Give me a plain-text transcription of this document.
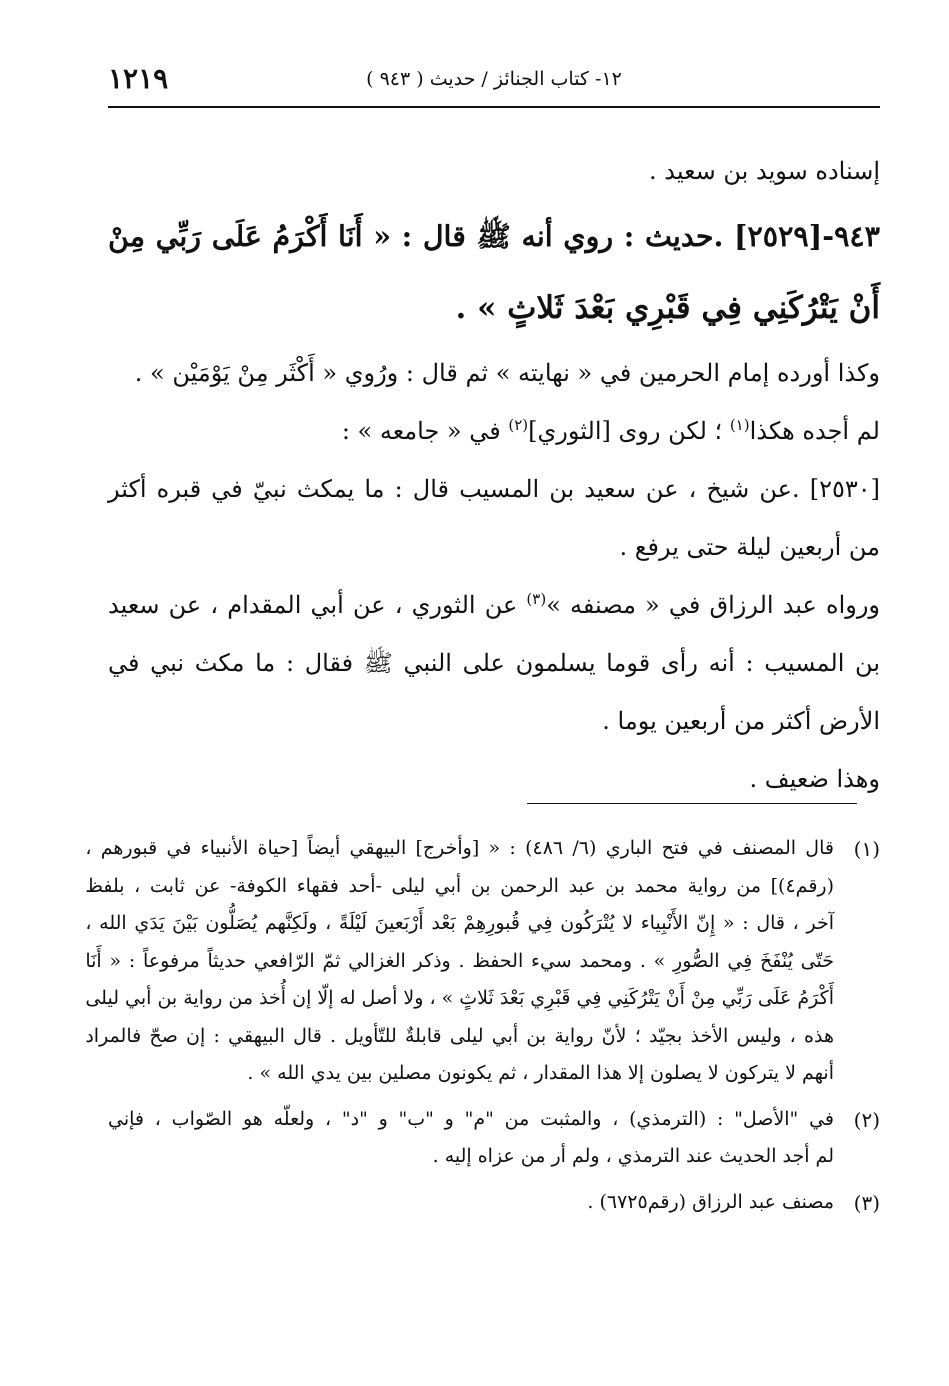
١٢١٩	١٢- كتاب الجنائز / حديث ( ٩٤٣ )
إسناده سويد بن سعيد .
٩٤٣-[٢٥٢٩] .حديث : روي أنه ﷺ قال : « أَنَا أَكْرَمُ عَلَى رَبِّي مِنْ
أَنْ يَتْرُكَنِي فِي قَبْرِي بَعْدَ ثَلاثٍ » .
وكذا أورده إمام الحرمين في « نهايته » ثم قال : ورُوي « أَكْثَر مِنْ يَوْمَيْن » .
لم أجده هكذا$^{(١)}$ ؛ لكن روى [الثوري]$^{(٢)}$ في « جامعه » :
[٢٥٣٠] .عن شيخ ، عن سعيد بن المسيب قال : ما يمكث نبيّ في قبره أكثر
من أربعين ليلة حتى يرفع .
ورواه عبد الرزاق في « مصنفه »$^{(٣)}$ عن الثوري ، عن أبي المقدام ، عن سعيد
بن المسيب : أنه رأى قوما يسلمون على النبي ﷺ فقال : ما مكث نبي في
الأرض أكثر من أربعين يوما .
وهذا ضعيف .
(١)
قال المصنف في فتح الباري (٦/ ٤٨٦) : « [وأخرج] البيهقي أيضاً [حياة الأنبياء في قبورهم ،
(رقم٤)] من رواية محمد بن عبد الرحمن بن أبي ليلى -أحد فقهاء الكوفة- عن ثابت ، بلفظ
آخر ، قال : « إِنّ الأَنْبِياء لا يُتْرَكُون فِي قُبورِهِمْ بَعْد أَرْبَعينَ لَيْلَةً ، ولَكِنَّهم يُصَلُّون بَيْنَ يَدَي الله ،
حَتّى يُنْفَخَ فِي الصُّورِ » . ومحمد سيء الحفظ . وذكر الغزالي ثمّ الرّافعي حديثاً مرفوعاً : « أَنَا
أَكْرَمُ عَلَى رَبِّي مِنْ أَنْ يَتْرُكَنِي فِي قَبْرِي بَعْدَ ثَلاثٍ » ، ولا أصل له إلّا إن أُخذ من رواية بن أبي ليلى
هذه ، وليس الأخذ بجيّد ؛ لأنّ رواية بن أبي ليلى قابلةٌ للتّأويل . قال البيهقي : إن صحّ فالمراد
أنهم لا يتركون لا يصلون إلا هذا المقدار ، ثم يكونون مصلين بين يدي الله » .
(٢)
في "الأصل" : (الترمذي) ، والمثبت من "م" و "ب" و "د" ، ولعلّه هو الصّواب ، فإني
لم أجد الحديث عند الترمذي ، ولم أر من عزاه إليه .
(٣)
مصنف عبد الرزاق (رقم٦٧٢٥) .
